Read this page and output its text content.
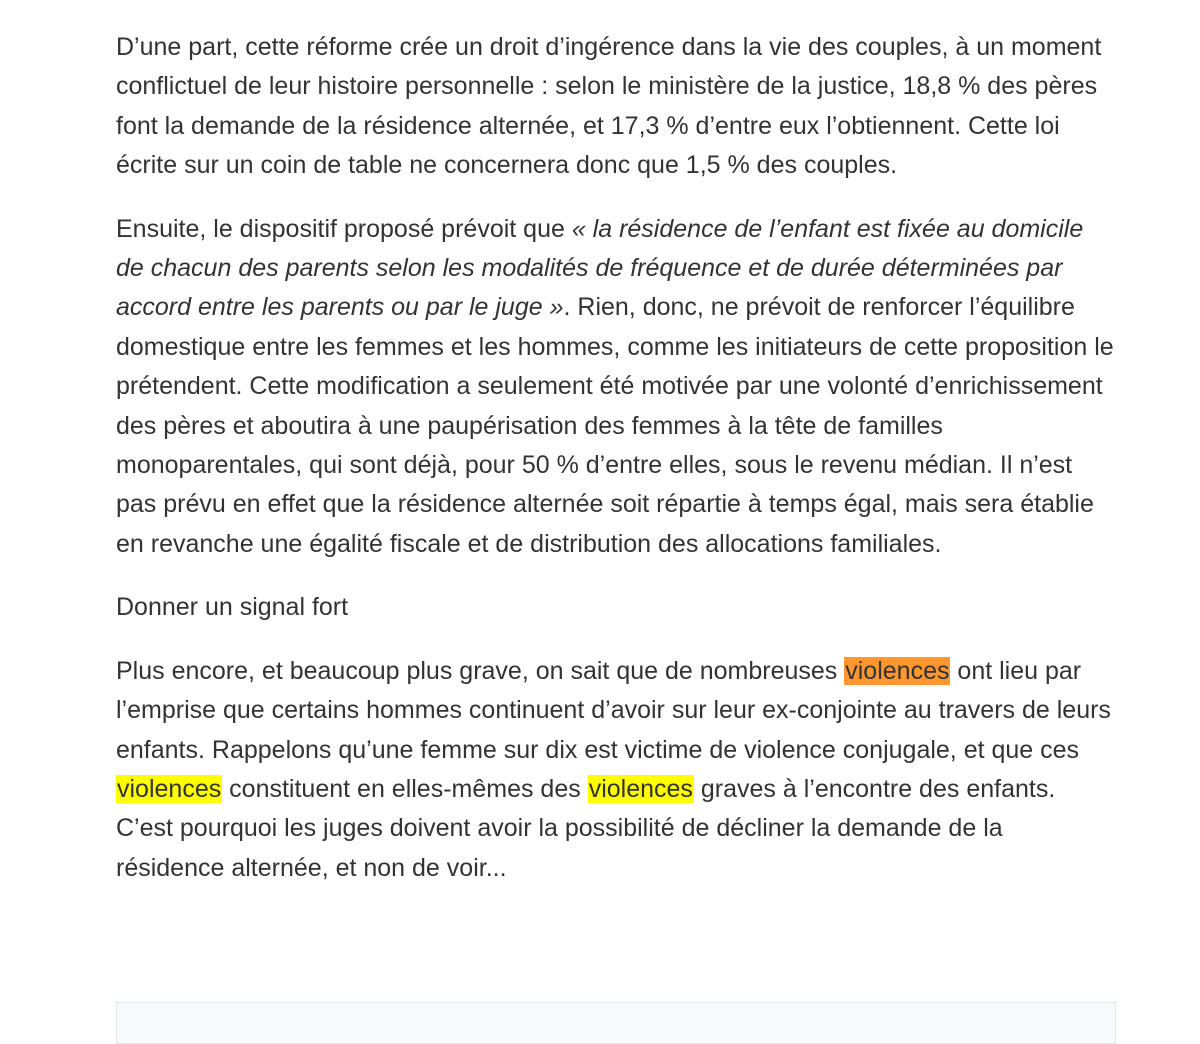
D’une part, cette réforme crée un droit d’ingérence dans la vie des couples, à un moment conflictuel de leur histoire personnelle : selon le ministère de la justice, 18,8 % des pères font la demande de la résidence alternée, et 17,3 % d’entre eux l’obtiennent. Cette loi écrite sur un coin de table ne concernera donc que 1,5 % des couples.

Ensuite, le dispositif proposé prévoit que « la résidence de l’enfant est fixée au domicile de chacun des parents selon les modalités de fréquence et de durée déterminées par accord entre les parents ou par le juge ». Rien, donc, ne prévoit de renforcer l’équilibre domestique entre les femmes et les hommes, comme les initiateurs de cette proposition le prétendent. Cette modification a seulement été motivée par une volonté d’enrichissement des pères et aboutira à une paupérisation des femmes à la tête de familles monoparentales, qui sont déjà, pour 50 % d’entre elles, sous le revenu médian. Il n’est pas prévu en effet que la résidence alternée soit répartie à temps égal, mais sera établie en revanche une égalité fiscale et de distribution des allocations familiales.

Donner un signal fort

Plus encore, et beaucoup plus grave, on sait que de nombreuses violences ont lieu par l’emprise que certains hommes continuent d’avoir sur leur ex-conjointe au travers de leurs enfants. Rappelons qu’une femme sur dix est victime de violence conjugale, et que ces violences constituent en elles-mêmes des violences graves à l’encontre des enfants. C’est pourquoi les juges doivent avoir la possibilité de décliner la demande de la résidence alternée, et non de voir...
